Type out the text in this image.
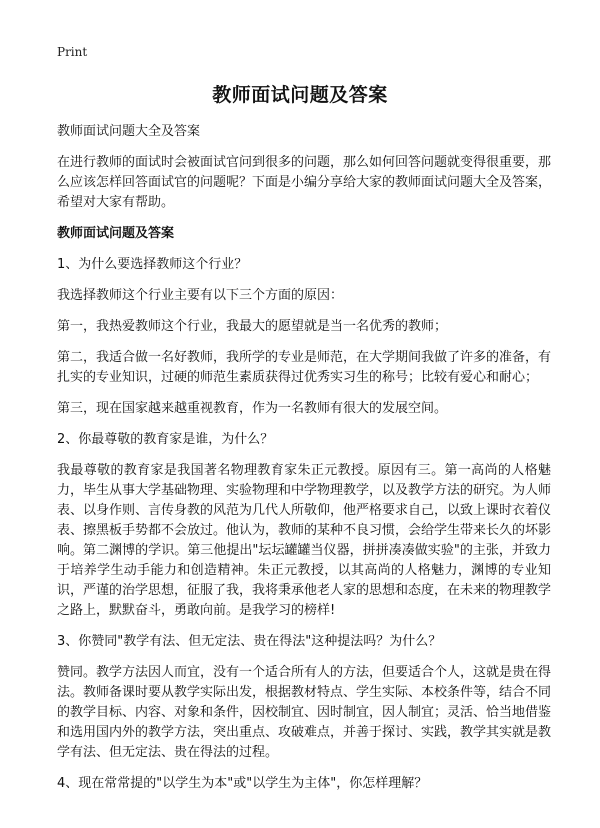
Print
教师面试问题及答案

教师面试问题大全及答案

在进行教师的面试时会被面试官问到很多的问题，那么如何回答问题就变得很重要，那么应该怎样回答面试官的问题呢？下面是小编分享给大家的教师面试问题大全及答案，希望对大家有帮助。

教师面试问题及答案

1、为什么要选择教师这个行业？

我选择教师这个行业主要有以下三个方面的原因：

第一，我热爱教师这个行业，我最大的愿望就是当一名优秀的教师；

第二，我适合做一名好教师，我所学的专业是师范，在大学期间我做了许多的准备，有扎实的专业知识，过硬的师范生素质获得过优秀实习生的称号；比较有爱心和耐心；

第三，现在国家越来越重视教育，作为一名教师有很大的发展空间。

2、你最尊敬的教育家是谁，为什么？

我最尊敬的教育家是我国著名物理教育家朱正元教授。原因有三。第一高尚的人格魅力，毕生从事大学基础物理、实验物理和中学物理教学，以及教学方法的研究。为人师表、以身作则、言传身教的风范为几代人所敬仰，他严格要求自己，以致上课时衣着仪表、擦黑板手势都不会放过。他认为，教师的某种不良习惯，会给学生带来长久的坏影响。第二渊博的学识。第三他提出"坛坛罐罐当仪器，拼拼凑凑做实验"的主张，并致力于培养学生动手能力和创造精神。朱正元教授，以其高尚的人格魅力，渊博的专业知识，严谨的治学思想，征服了我，我将秉承他老人家的思想和态度，在未来的物理教学之路上，默默奋斗，勇敢向前。是我学习的榜样!

3、你赞同"教学有法、但无定法、贵在得法"这种提法吗？为什么？

赞同。教学方法因人而宜，没有一个适合所有人的方法，但要适合个人，这就是贵在得法。教师备课时要从教学实际出发，根据教材特点、学生实际、本校条件等，结合不同的教学目标、内容、对象和条件，因校制宜、因时制宜，因人制宜；灵活、恰当地借鉴和选用国内外的教学方法，突出重点、攻破难点，并善于探讨、实践，教学其实就是教学有法、但无定法、贵在得法的过程。

4、现在常常提的"以学生为本"或"以学生为主体"，你怎样理解？
